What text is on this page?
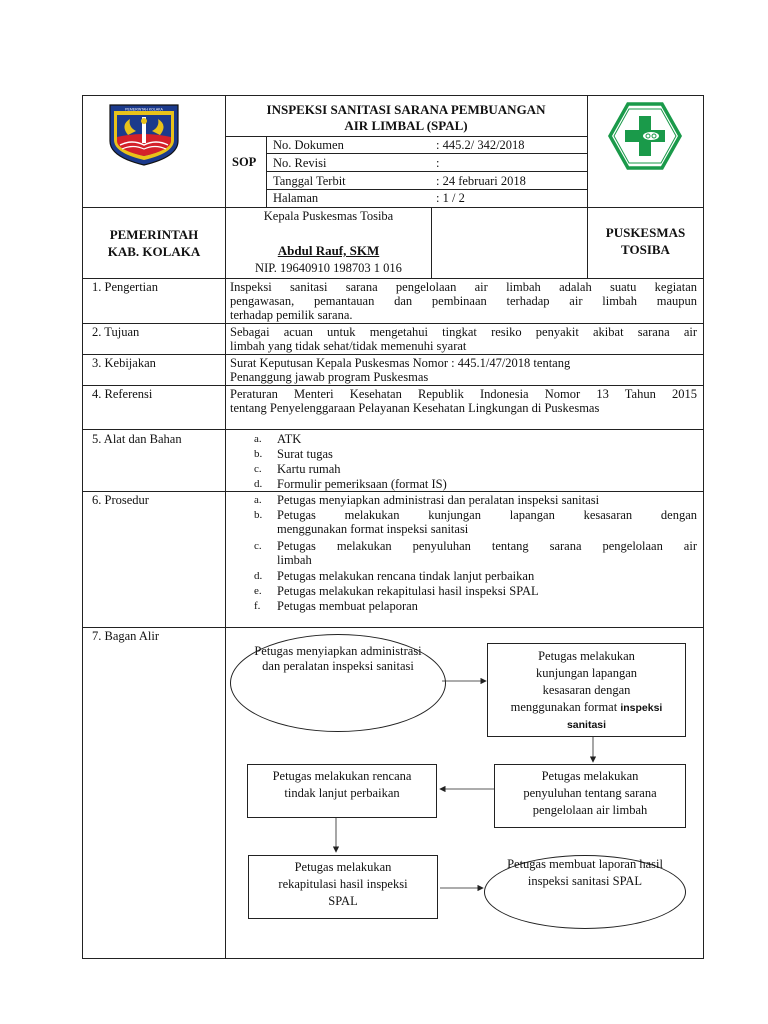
PEMERINTAH KOLAKA	INSPEKSI SANITASI SARANA PEMBUANGAN
AIR LIMBAL (SPAL)
SOP
No. Dokumen	: 445.2/ 342/2018
No. Revisi	:
Tanggal Terbit	: 24 februari 2018
Halaman	: 1 / 2
PEMERINTAH
KAB. KOLAKA
Kepala Puskesmas Tosiba
Abdul Rauf, SKM
NIP. 19640910 198703 1 016
PUSKESMAS
TOSIBA
1. Pengertian	Inspeksi sanitasi sarana pengelolaan air limbah adalah suatu kegiatan
pengawasan, pemantauan dan pembinaan terhadap air limbah maupun
terhadap pemilik sarana.
2. Tujuan	Sebagai acuan untuk mengetahui tingkat resiko penyakit akibat sarana air
limbah yang tidak sehat/tidak memenuhi syarat
3. Kebijakan	Surat Keputusan Kepala Puskesmas Nomor : 445.1/47/2018 tentang
Penanggung jawab program Puskesmas
4. Referensi	Peraturan Menteri Kesehatan Republik Indonesia Nomor 13 Tahun 2015
tentang Penyelenggaraan Pelayanan Kesehatan Lingkungan di Puskesmas
5. Alat dan Bahan	a. ATK
b. Surat tugas
c. Kartu rumah
d. Formulir pemeriksaan (format IS)
6. Prosedur	a. Petugas menyiapkan administrasi dan peralatan inspeksi sanitasi
b. Petugas melakukan kunjungan lapangan kesasaran dengan
menggunakan format inspeksi sanitasi
c. Petugas melakukan penyuluhan tentang sarana pengelolaan air
limbah
d. Petugas melakukan rencana tindak lanjut perbaikan
e. Petugas melakukan rekapitulasi hasil inspeksi SPAL
f. Petugas membuat pelaporan
7. Bagan Alir
Petugas menyiapkan administrasi
dan peralatan inspeksi sanitasi
Petugas melakukan
kunjungan lapangan
kesasaran dengan
menggunakan format inspeksi
sanitasi
Petugas melakukan
penyuluhan tentang sarana
pengelolaan air limbah
Petugas melakukan rencana
tindak lanjut perbaikan
Petugas melakukan
rekapitulasi hasil inspeksi
SPAL
Petugas membuat laporan hasil
inspeksi sanitasi SPAL
